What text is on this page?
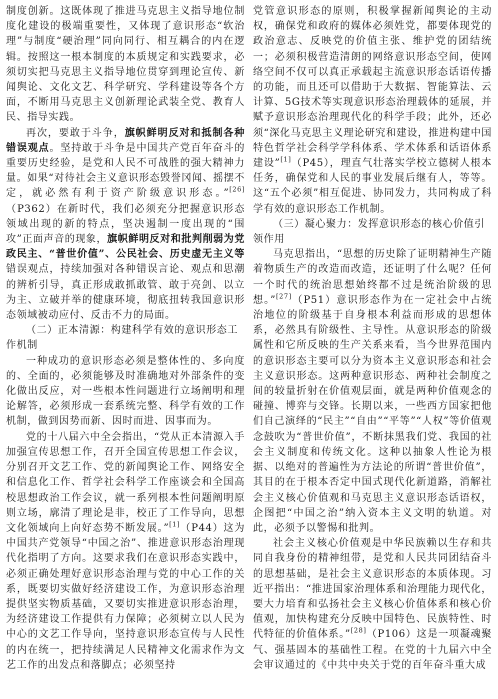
制度创新。这既体现了推进马克思主义指导地位制度化建设的极端重要性，又体现了意识形态“软治理”与制度“硬治理”同向同行、相互耦合的内在逻辑。按照这一根本制度的本质规定和实践要求，必须切实把马克思主义指导地位贯穿到理论宣传、新闻舆论、文化文艺、科学研究、学科建设等各个方面，不断用马克思主义创新理论武装全党、教育人民、指导实践。

再次，要敢于斗争，旗帜鲜明反对和抵制各种错误观点。坚持敢于斗争是中国共产党百年奋斗的重要历史经验，是党和人民不可战胜的强大精神力量。如果“对待社会主义意识形态毁誉冈闻、摇摆不定，就必然有利于资产阶级意识形态。”[26]（P362）在新时代，我们必须充分把握意识形态领域出现的新的特点，坚决遏制一度出现的“围攻”正面声音的现象，旗帜鲜明反对和批判削弱为党政民主、“普世价值”、公民社会、历史虚无主义等错误观点，持续加强对各种错误言论、观点和思潮的辨析引导，真正形成敢抓敢管、敢于亮剑、以立为主、立破并举的健康环境，彻底扭转我国意识形态领域被动应付、反击不力的局面。

（二）正本清源：构建科学有效的意识形态工作机制

一种成功的意识形态必须是整体性的、多向度的、全面的，必须能够及时准确地对外部条件的变化做出反应，对一些根本性问题进行立场阐明和理论解答，必须形成一套系统完整、科学有效的工作机制，做到因势而新、因时而进、因事而为。

党的十八届六中全会指出，“党从正本清源入手加强宣传思想工作，召开全国宣传思想工作会议，分别召开文艺工作、党的新闻舆论工作、网络安全和信息化工作、哲学社会科学工作座谈会和全国高校思想政治工作会议，就一系列根本性问题阐明原则立场，廓清了理论是非，校正了工作导向，思想文化领域向上向好态势不断发展。”[1]（P44）这为中国共产党领导“中国之治”、推进意识形态治理现代化指明了方向。这要求我们在意识形态实践中，必须正确处理好意识形态治理与党的中心工作的关系，既要切实做好经济建设工作，为意识形态治理提供坚实物质基础，又要切实推进意识形态治理，为经济建设工作提供有力保障；必须树立以人民为中心的文艺工作导向，坚持意识形态宣传与人民性的内在统一，把持续满足人民精神文化需求作为文艺工作的出发点和落脚点；必须坚持

党管意识形态的原则，积极掌握新闻舆论的主动权，确保党和政府的媒体必须姓党，都要体现党的政治意志、反映党的价值主张、维护党的团结统一；必须积极营造清朗的网络意识形态空间，使网络空间不仅可以真正承载起主流意识形态话语传播的功能，而且还可以借助于大数据、智能算法、云计算、5G技术等实现意识形态治理载体的延展，并赋予意识形态治理现代化的科学手段；此外，还必须“深化马克思主义理论研究和建设，推进构建中国特色哲学社会科学学科体系、学术体系和话语体系建设”[1]（P45），理直气壮落实学校立德树人根本任务，确保党和人民的事业发展后继有人，等等。这“五个必须”相互促进、协同发力，共同构成了科学有效的意识形态工作机制。

（三）凝心聚力：发挥意识形态的核心价值引领作用

马克思指出，“思想的历史除了证明精神生产随着物质生产的改造而改造，还证明了什么呢？任何一个时代的统治思想始终都不过是统治阶级的思想。”[27]（P51）意识形态作为在一定社会中占统治地位的阶级基于自身根本利益而形成的思想体系，必然具有阶级性、主导性。从意识形态的阶级属性和它所反映的生产关系来看，当今世界范围内的意识形态主要可以分为资本主义意识形态和社会主义意识形态。这两种意识形态、两种社会制度之间的较量折射在价值观层面，就是两种价值观念的碰撞、博弈与交锋。长期以来，一些西方国家把他们自己演绎的“民主”“自由”“平等”“人权”等价值观念鼓吹为“普世价值”，不断抹黑我们党、我国的社会主义制度和传统文化。这种以抽象人性论为根据、以绝对的普遍性为方法论的所谓“普世价值”，其目的在于根本否定中国式现代化新道路，消解社会主义核心价值观和马克思主义意识形态话语权，企图把“中国之治”纳入资本主义文明的轨道。对此，必须予以警惕和批判。

社会主义核心价值观是中华民族赖以生存和共同自我身份的精神纽带，是党和人民共同团结奋斗的思想基础，是社会主义意识形态的本质体现。习近平指出：“推进国家治理体系和治理能力现代化，要大力培育和弘扬社会主义核心价值体系和核心价值观，加快构建充分反映中国特色、民族特性、时代特征的价值体系。”[28]（P106）这是一项凝魂聚气、强基固本的基础性工程。在党的十九届六中全会审议通过的《中共中央关于党的百年奋斗重大成
